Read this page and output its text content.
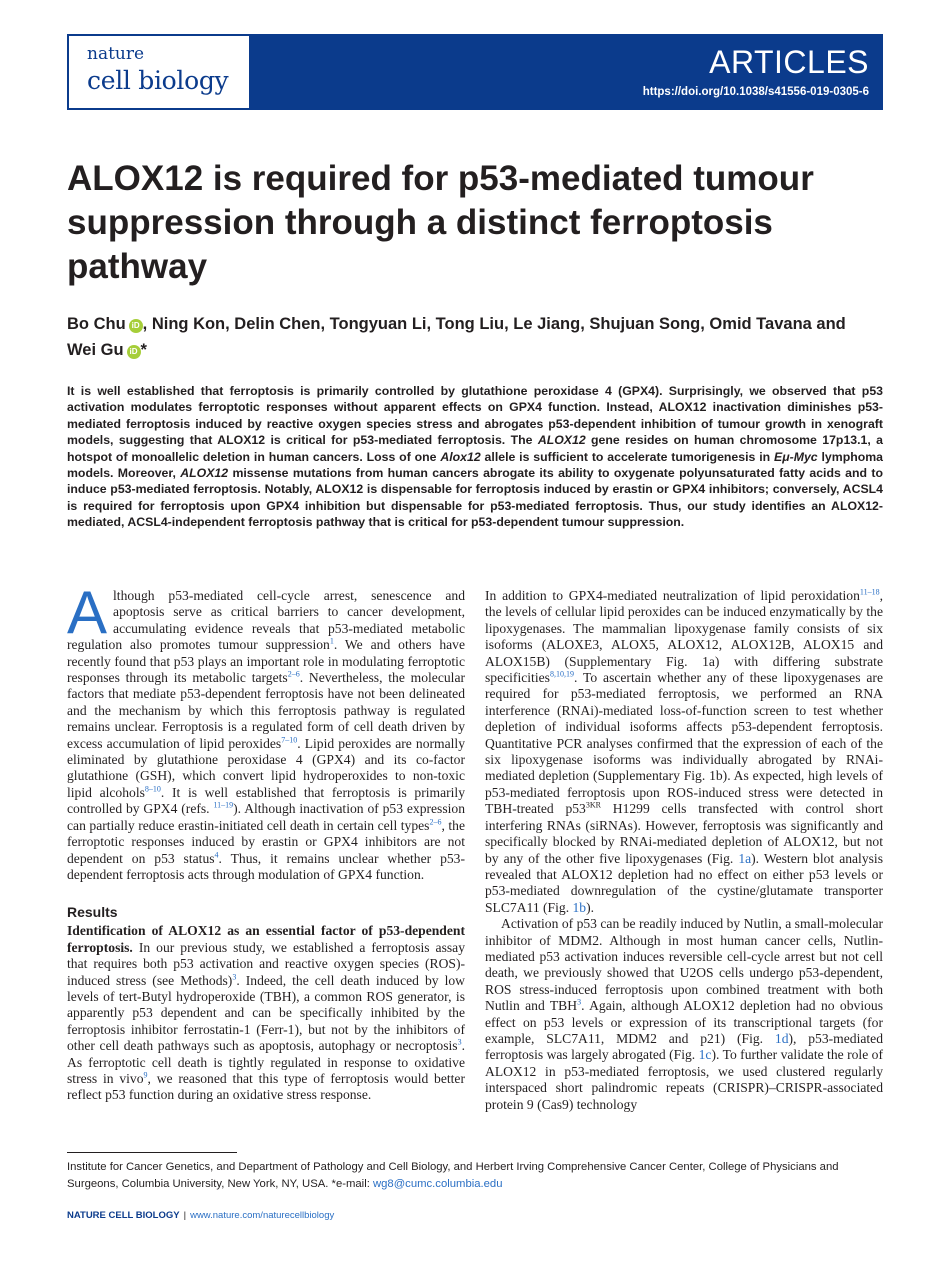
nature
cell biology
ARTICLES
https://doi.org/10.1038/s41556-019-0305-6
ALOX12 is required for p53-mediated tumour suppression through a distinct ferroptosis pathway

Bo Chu iD , Ning Kon, Delin Chen, Tongyuan Li, Tong Liu, Le Jiang, Shujuan Song, Omid Tavana and Wei Gu iD *

It is well established that ferroptosis is primarily controlled by glutathione peroxidase 4 (GPX4). Surprisingly, we observed that p53 activation modulates ferroptotic responses without apparent effects on GPX4 function. Instead, ALOX12 inactivation diminishes p53-mediated ferroptosis induced by reactive oxygen species stress and abrogates p53-dependent inhibition of tumour growth in xenograft models, suggesting that ALOX12 is critical for p53-mediated ferroptosis. The ALOX12 gene resides on human chromosome 17p13.1, a hotspot of monoallelic deletion in human cancers. Loss of one Alox12 allele is sufficient to accelerate tumorigenesis in Eμ-Myc lymphoma models. Moreover, ALOX12 missense mutations from human cancers abrogate its ability to oxygenate polyunsaturated fatty acids and to induce p53-mediated ferroptosis. Notably, ALOX12 is dispensable for ferroptosis induced by erastin or GPX4 inhibitors; conversely, ACSL4 is required for ferroptosis upon GPX4 inhibition but dispensable for p53-mediated ferroptosis. Thus, our study identifies an ALOX12-mediated, ACSL4-independent ferroptosis pathway that is critical for p53-dependent tumour suppression.

Although p53-mediated cell-cycle arrest, senescence and apoptosis serve as critical barriers to cancer development, accumulating evidence reveals that p53-mediated metabolic regulation also promotes tumour suppression$^1$. We and others have recently found that p53 plays an important role in modulating ferroptotic responses through its metabolic targets$^{2-6}$. Nevertheless, the molecular factors that mediate p53-dependent ferroptosis have not been delineated and the mechanism by which this ferroptosis pathway is regulated remains unclear. Ferroptosis is a regulated form of cell death driven by excess accumulation of lipid peroxides$^{7-10}$. Lipid peroxides are normally eliminated by glutathione peroxidase 4 (GPX4) and its co-factor glutathione (GSH), which convert lipid hydroperoxides to non-toxic lipid alcohols$^{8-10}$. It is well established that ferroptosis is primarily controlled by GPX4 (refs. $^{11-19}$). Although inactivation of p53 expression can partially reduce erastin-initiated cell death in certain cell types$^{2-6}$, the ferroptotic responses induced by erastin or GPX4 inhibitors are not dependent on p53 status$^4$. Thus, it remains unclear whether p53-dependent ferroptosis acts through modulation of GPX4 function.

Results

Identification of ALOX12 as an essential factor of p53-dependent ferroptosis. In our previous study, we established a ferroptosis assay that requires both p53 activation and reactive oxygen species (ROS)-induced stress (see Methods)$^3$. Indeed, the cell death induced by low levels of tert-Butyl hydroperoxide (TBH), a common ROS generator, is apparently p53 dependent and can be specifically inhibited by the ferroptosis inhibitor ferrostatin-1 (Ferr-1), but not by the inhibitors of other cell death pathways such as apoptosis, autophagy or necroptosis$^3$. As ferroptotic cell death is tightly regulated in response to oxidative stress in vivo$^9$, we reasoned that this type of ferroptosis would better reflect p53 function during an oxidative stress response.

In addition to GPX4-mediated neutralization of lipid peroxidation$^{11-18}$, the levels of cellular lipid peroxides can be induced enzymatically by the lipoxygenases. The mammalian lipoxygenase family consists of six isoforms (ALOXE3, ALOX5, ALOX12, ALOX12B, ALOX15 and ALOX15B) (Supplementary Fig. 1a) with differing substrate specificities$^{8,10,19}$. To ascertain whether any of these lipoxygenases are required for p53-mediated ferroptosis, we performed an RNA interference (RNAi)-mediated loss-of-function screen to test whether depletion of individual isoforms affects p53-dependent ferroptosis. Quantitative PCR analyses confirmed that the expression of each of the six lipoxygenase isoforms was individually abrogated by RNAi-mediated depletion (Supplementary Fig. 1b). As expected, high levels of p53-mediated ferroptosis upon ROS-induced stress were detected in TBH-treated $p53^{3KR}$ H1299 cells transfected with control short interfering RNAs (siRNAs). However, ferroptosis was significantly and specifically blocked by RNAi-mediated depletion of ALOX12, but not by any of the other five lipoxygenases (Fig. 1a). Western blot analysis revealed that ALOX12 depletion had no effect on either p53 levels or p53-mediated downregulation of the cystine/glutamate transporter SLC7A11 (Fig. 1b).

Activation of p53 can be readily induced by Nutlin, a small-molecular inhibitor of MDM2. Although in most human cancer cells, Nutlin-mediated p53 activation induces reversible cell-cycle arrest but not cell death, we previously showed that U2OS cells undergo p53-dependent, ROS stress-induced ferroptosis upon combined treatment with both Nutlin and TBH$^3$. Again, although ALOX12 depletion had no obvious effect on p53 levels or expression of its transcriptional targets (for example, SLC7A11, MDM2 and p21) (Fig. 1d), p53-mediated ferroptosis was largely abrogated (Fig. 1c). To further validate the role of ALOX12 in p53-mediated ferroptosis, we used clustered regularly interspaced short palindromic repeats (CRISPR)–CRISPR-associated protein 9 (Cas9) technology

Institute for Cancer Genetics, and Department of Pathology and Cell Biology, and Herbert Irving Comprehensive Cancer Center, College of Physicians and Surgeons, Columbia University, New York, NY, USA. *e-mail: wg8@cumc.columbia.edu

NATURE CELL BIOLOGY | www.nature.com/naturecellbiology
